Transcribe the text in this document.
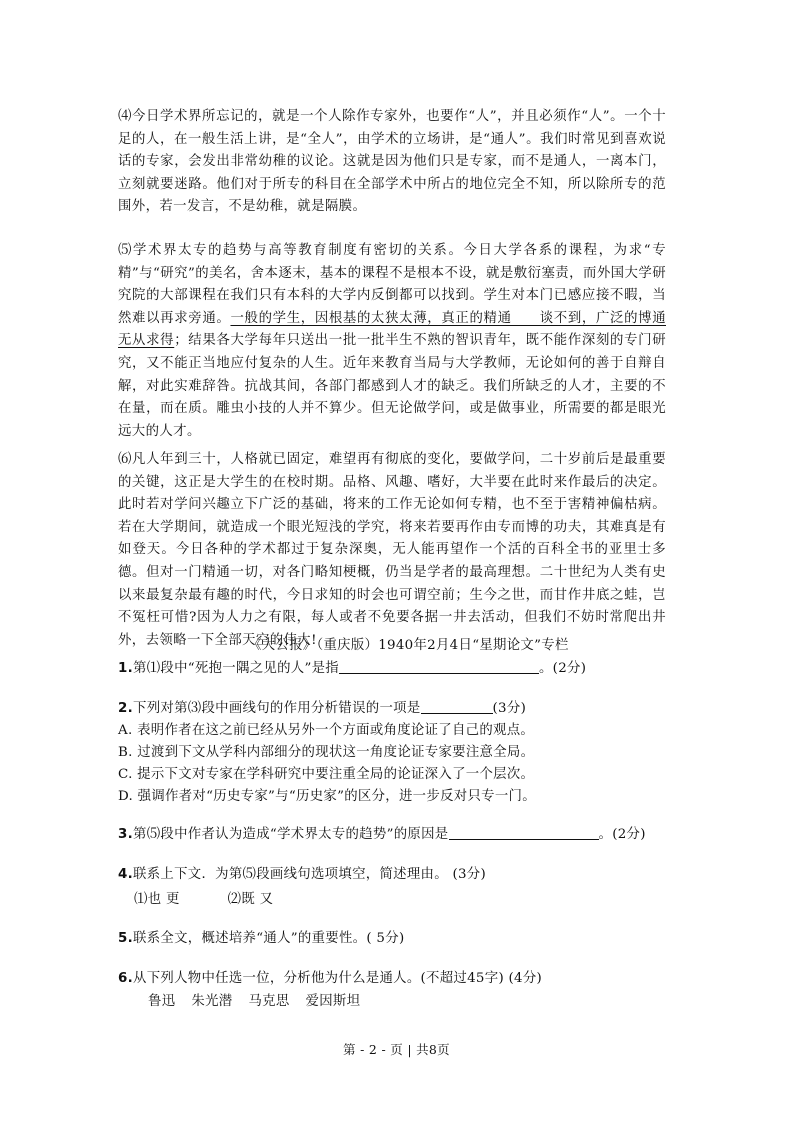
⑷今日学术界所忘记的，就是一个人除作专家外，也要作“人”，并且必须作“人”。一个十足的人，在一般生活上讲，是“全人”，由学术的立场讲，是“通人”。我们时常见到喜欢说话的专家，会发出非常幼稚的议论。这就是因为他们只是专家，而不是通人，一离本门，立刻就要迷路。他们对于所专的科目在全部学术中所占的地位完全不知，所以除所专的范围外，若一发言，不是幼稚，就是隔膜。

⑸学术界太专的趋势与高等教育制度有密切的关系。今日大学各系的课程，为求“专精”与“研究”的美名，舍本逐末，基本的课程不是根本不设，就是敷衍塞责，而外国大学研究院的大部课程在我们只有本科的大学内反倒都可以找到。学生对本门已感应接不暇，当然难以再求旁通。一般的学生，因根基的太狭太薄，真正的精通　　谈不到，广泛的博通无从求得；结果各大学每年只送出一批一批半生不熟的智识青年，既不能作深刻的专门研究，又不能正当地应付复杂的人生。近年来教育当局与大学教师，无论如何的善于自辩自解，对此实难辞咎。抗战其间，各部门都感到人才的缺乏。我们所缺乏的人才，主要的不在量，而在质。雕虫小技的人并不算少。但无论做学问，或是做事业，所需要的都是眼光远大的人才。

⑹凡人年到三十，人格就已固定，难望再有彻底的变化，要做学问，二十岁前后是最重要的关键，这正是大学生的在校时期。品格、风趣、嗜好，大半要在此时来作最后的决定。此时若对学问兴趣立下广泛的基础，将来的工作无论如何专精，也不至于害精神偏枯病。若在大学期间，就造成一个眼光短浅的学究，将来若要再作由专而博的功夫，其难真是有如登天。今日各种的学术都过于复杂深奥，无人能再望作一个活的百科全书的亚里士多德。但对一门精通一切，对各门略知梗概，仍当是学者的最高理想。二十世纪为人类有史以来最复杂最有趣的时代，今日求知的时会也可谓空前；生今之世，而甘作井底之蛙，岂不冤枉可惜?因为人力之有限，每人或者不免要各据一井去活动，但我们不妨时常爬出井外，去领略一下全部天空的伟大!

《大公报》（重庆版）1940年2月4日“星期论文”专栏
1.第⑴段中“死抱一隅之见的人”是指	。(2分)
2.下列对第⑶段中画线句的作用分析错误的一项是	(3分)
A. 表明作者在这之前已经从另外一个方面或角度论证了自己的观点。
B. 过渡到下文从学科内部细分的现状这一角度论证专家要注意全局。
C. 提示下文对专家在学科研究中要注重全局的论证深入了一个层次。
D. 强调作者对“历史专家”与“历史家”的区分，进一步反对只专一门。
3.第⑸段中作者认为造成“学术界太专的趋势”的原因是	。(2分)
4.联系上下文．为第⑸段画线句选项填空，简述理由。 (3分)
⑴也 更	⑵既 又
5.联系全文，概述培养“通人”的重要性。( 5分)
6.从下列人物中任选一位，分析他为什么是通人。(不超过45字) (4分)
鲁迅 朱光潜 马克思 爱因斯坦
第 - 2 - 页 | 共8页
